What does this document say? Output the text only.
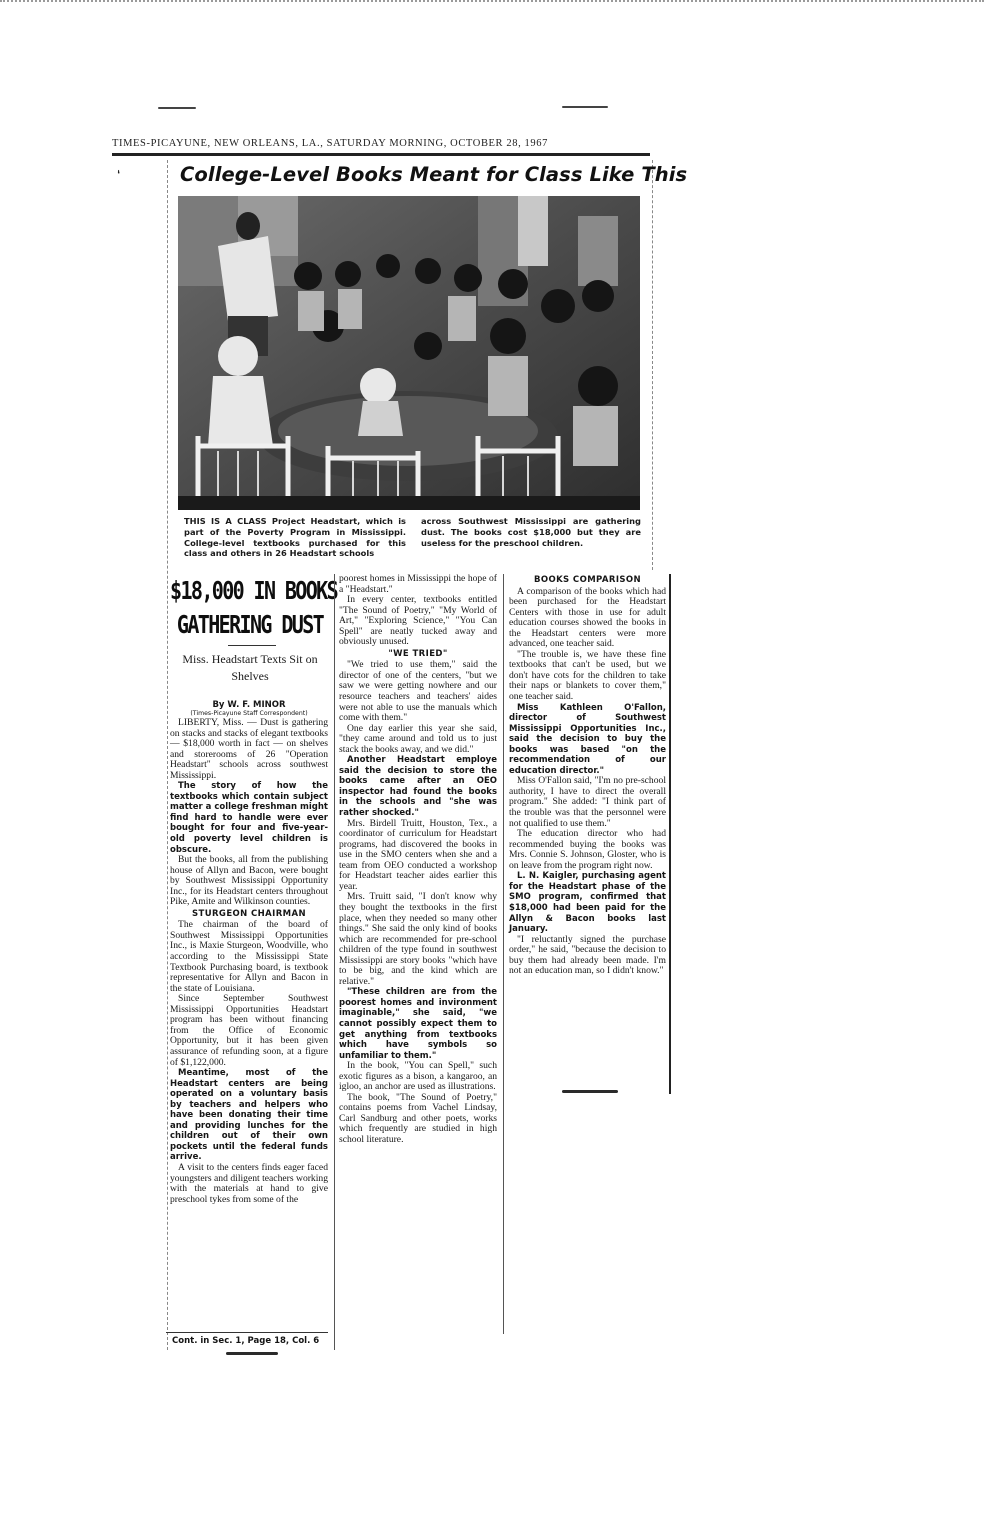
‘
TIMES-PICAYUNE, NEW ORLEANS, LA., SATURDAY MORNING, OCTOBER 28, 1967
College-Level Books Meant for Class Like This
THIS IS A CLASS Project Headstart, which is part of the Poverty Program in Mississippi. College-level textbooks purchased for this class and others in 26 Headstart schools
across Southwest Mississippi are gathering dust. The books cost $18,000 but they are useless for the preschool children.
$18,000 IN BOOKS
GATHERING DUST
Miss. Headstart Texts Sit on Shelves
By W. F. MINOR
(Times-Picayune Staff Correspondent)

LIBERTY, Miss. — Dust is gathering on stacks and stacks of elegant textbooks — $18,000 worth in fact — on shelves and storerooms of 26 "Operation Headstart" schools across southwest Mississippi.

The story of how the textbooks which contain subject matter a college freshman might find hard to handle were ever bought for four and five-year-old poverty level children is obscure.

But the books, all from the publishing house of Allyn and Bacon, were bought by Southwest Mississippi Opportunity Inc., for its Headstart centers throughout Pike, Amite and Wilkinson counties.

STURGEON CHAIRMAN

The chairman of the board of Southwest Mississippi Opportunities Inc., is Maxie Sturgeon, Woodville, who according to the Mississippi State Textbook Purchasing board, is textbook representative for Allyn and Bacon in the state of Louisiana.

Since September Southwest Mississippi Opportunities Headstart program has been without financing from the Office of Economic Opportunity, but it has been given assurance of refunding soon, at a figure of $1,122,000.

Meantime, most of the Headstart centers are being operated on a voluntary basis by teachers and helpers who have been donating their time and providing lunches for the children out of their own pockets until the federal funds arrive.

A visit to the centers finds eager faced youngsters and diligent teachers working with the materials at hand to give preschool tykes from some of the

poorest homes in Mississippi the hope of a "Headstart."

In every center, textbooks entitled "The Sound of Poetry," "My World of Art," "Exploring Science," "You Can Spell" are neatly tucked away and obviously unused.

"WE TRIED"

"We tried to use them," said the director of one of the centers, "but we saw we were getting nowhere and our resource teachers and teachers' aides were not able to use the manuals which come with them."

One day earlier this year she said, "they came around and told us to just stack the books away, and we did."

Another Headstart employe said the decision to store the books came after an OEO inspector had found the books in the schools and "she was rather shocked."

Mrs. Birdell Truitt, Houston, Tex., a coordinator of curriculum for Headstart programs, had discovered the books in use in the SMO centers when she and a team from OEO conducted a workshop for Headstart teacher aides earlier this year.

Mrs. Truitt said, "I don't know why they bought the textbooks in the first place, when they needed so many other things." She said the only kind of books which are recommended for pre-school children of the type found in southwest Mississippi are story books "which have to be big, and the kind which are relative."

"These children are from the poorest homes and invironment imaginable," she said, "we cannot possibly expect them to get anything from textbooks which have symbols so unfamiliar to them."

In the book, "You can Spell," such exotic figures as a bison, a kangaroo, an igloo, an anchor are used as illustrations.

The book, "The Sound of Poetry," contains poems from Vachel Lindsay, Carl Sandburg and other poets, works which frequently are studied in high school literature.

BOOKS COMPARISON

A comparison of the books which had been purchased for the Headstart Centers with those in use for adult education courses showed the books in the Headstart centers were more advanced, one teacher said.

"The trouble is, we have these fine textbooks that can't be used, but we don't have cots for the children to take their naps or blankets to cover them," one teacher said.

Miss Kathleen O'Fallon, director of Southwest Mississippi Opportunities Inc., said the decision to buy the books was based "on the recommendation of our education director."

Miss O'Fallon said, "I'm no pre-school authority, I have to direct the overall program." She added: "I think part of the trouble was that the personnel were not qualified to use them."

The education director who had recommended buying the books was Mrs. Connie S. Johnson, Gloster, who is on leave from the program right now.

L. N. Kaigler, purchasing agent for the Headstart phase of the SMO program, confirmed that $18,000 had been paid for the Allyn & Bacon books last January.

"I reluctantly signed the purchase order," he said, "because the decision to buy them had already been made. I'm not an education man, so I didn't know."

Cont. in Sec. 1, Page 18, Col. 6
